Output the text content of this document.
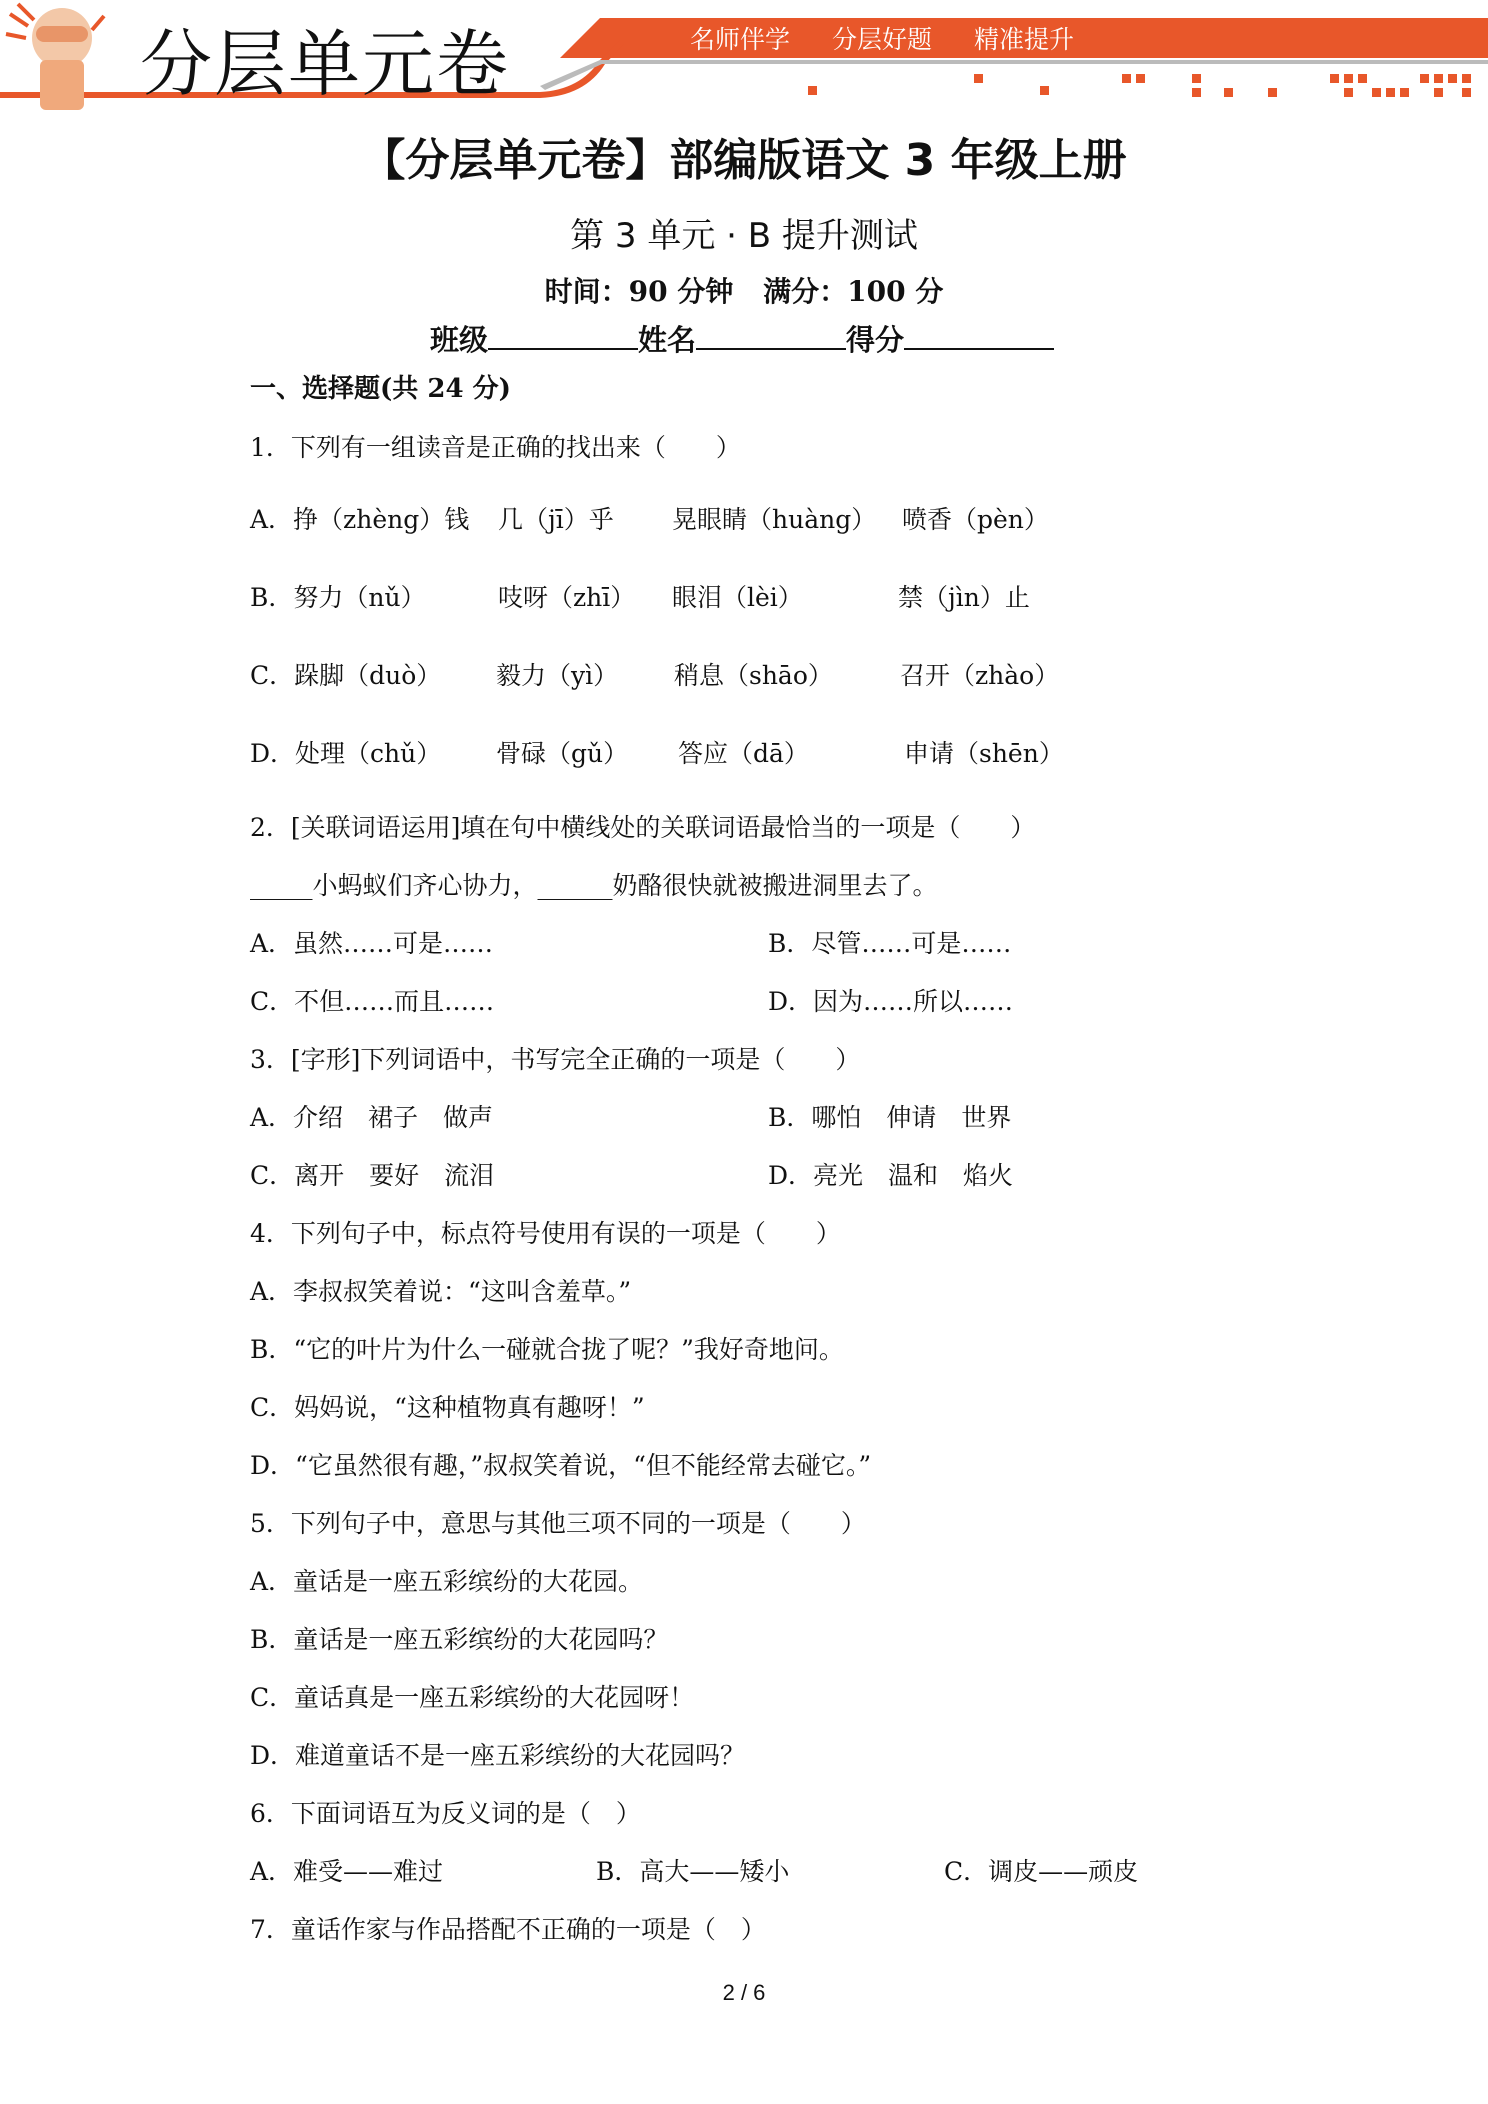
分层单元卷	名师伴学 分层好题 精准提升
【分层单元卷】部编版语文 3 年级上册
第 3 单元 · B 提升测试
时间：90 分钟 满分：100 分
班级	姓名	得分
一、选择题(共 24 分)
1．下列有一组读音是正确的找出来（　　）
A．挣（zhèng）钱 几（jī）乎 晃眼睛（huàng） 喷香（pèn）
B．努力（nǔ）	吱呀（zhī） 眼泪（lèi）	禁（jìn）止
C．跺脚（duò） 毅力（yì） 稍息（shāo）	召开（zhào）
D．处理（chǔ） 骨碌（gǔ） 答应（dā）	申请（shēn）
2．[关联词语运用]填在句中横线处的关联词语最恰当的一项是（　　）
_____小蚂蚁们齐心协力，______奶酪很快就被搬进洞里去了。
A．虽然……可是……	B．尽管……可是……
C．不但……而且……	D．因为……所以……
3．[字形]下列词语中，书写完全正确的一项是（　　）
A．介绍　裙子　做声	B．哪怕　伸请　世界
C．离开　要好　流泪	D．亮光　温和　焰火
4．下列句子中，标点符号使用有误的一项是（　　）
A．李叔叔笑着说：“这叫含羞草。”
B．“它的叶片为什么一碰就合拢了呢？”我好奇地问。
C．妈妈说，“这种植物真有趣呀！”
D．“它虽然很有趣，”叔叔笑着说，“但不能经常去碰它。”
5．下列句子中，意思与其他三项不同的一项是（　　）
A．童话是一座五彩缤纷的大花园。
B．童话是一座五彩缤纷的大花园吗？
C．童话真是一座五彩缤纷的大花园呀！
D．难道童话不是一座五彩缤纷的大花园吗？
6．下面词语互为反义词的是（　）
A．难受——难过	B．高大——矮小	C．调皮——顽皮
7．童话作家与作品搭配不正确的一项是（　）
2 / 6
